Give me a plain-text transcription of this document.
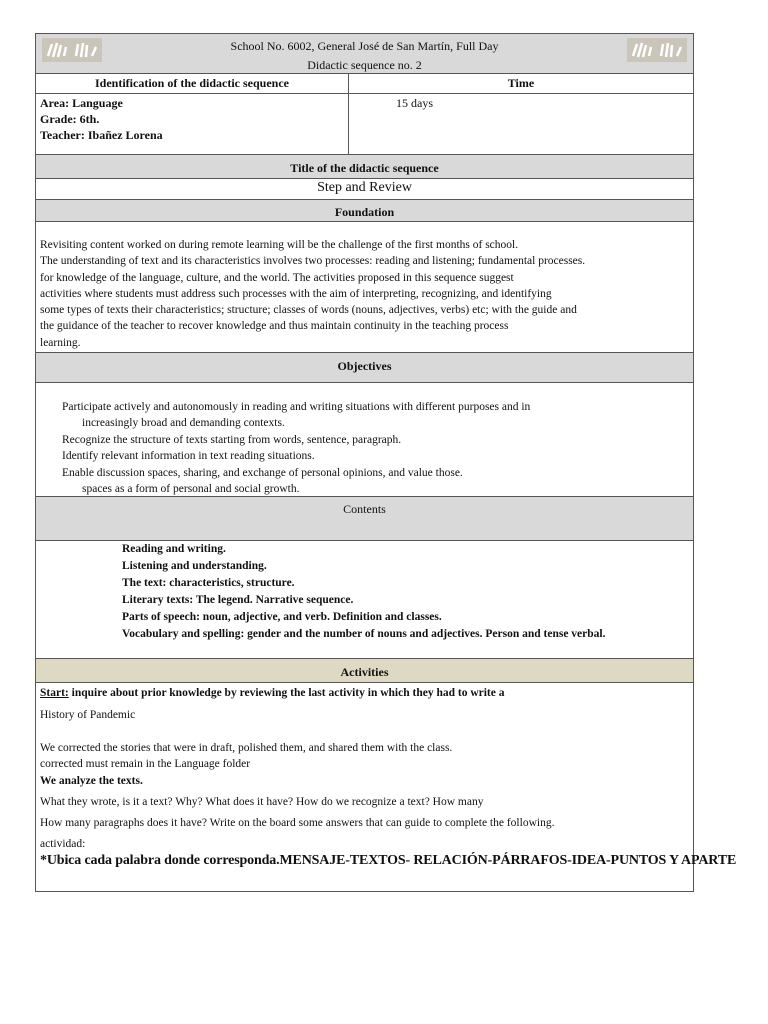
School No. 6002, General José de San Martín, Full Day
Didactic sequence no. 2
Identification of the didactic sequence	Time
Area: Language
Grade: 6th.
Teacher: Ibañez Lorena
15 days
Title of the didactic sequence
Step and Review
Foundation
Revisiting content worked on during remote learning will be the challenge of the first months of school.
The understanding of text and its characteristics involves two processes: reading and listening; fundamental processes.
for knowledge of the language, culture, and the world. The activities proposed in this sequence suggest
activities where students must address such processes with the aim of interpreting, recognizing, and identifying
some types of texts their characteristics; structure; classes of words (nouns, adjectives, verbs) etc; with the guide and
the guidance of the teacher to recover knowledge and thus maintain continuity in the teaching process
learning.
Objectives
Participate actively and autonomously in reading and writing situations with different purposes and in
increasingly broad and demanding contexts.
Recognize the structure of texts starting from words, sentence, paragraph.
Identify relevant information in text reading situations.
Enable discussion spaces, sharing, and exchange of personal opinions, and value those.
spaces as a form of personal and social growth.
Contents
Reading and writing.
Listening and understanding.
The text: characteristics, structure.
Literary texts: The legend. Narrative sequence.
Parts of speech: noun, adjective, and verb. Definition and classes.
Vocabulary and spelling: gender and the number of nouns and adjectives. Person and tense verbal.
Activities
Start: inquire about prior knowledge by reviewing the last activity in which they had to write a
History of Pandemic
We corrected the stories that were in draft, polished them, and shared them with the class.
corrected must remain in the Language folder
We analyze the texts.
What they wrote, is it a text? Why? What does it have? How do we recognize a text? How many
How many paragraphs does it have? Write on the board some answers that can guide to complete the following.
actividad:
*Ubica cada palabra donde corresponda.MENSAJE-TEXTOS- RELACIÓN-PÁRRAFOS-IDEA-PUNTOS Y APARTE
